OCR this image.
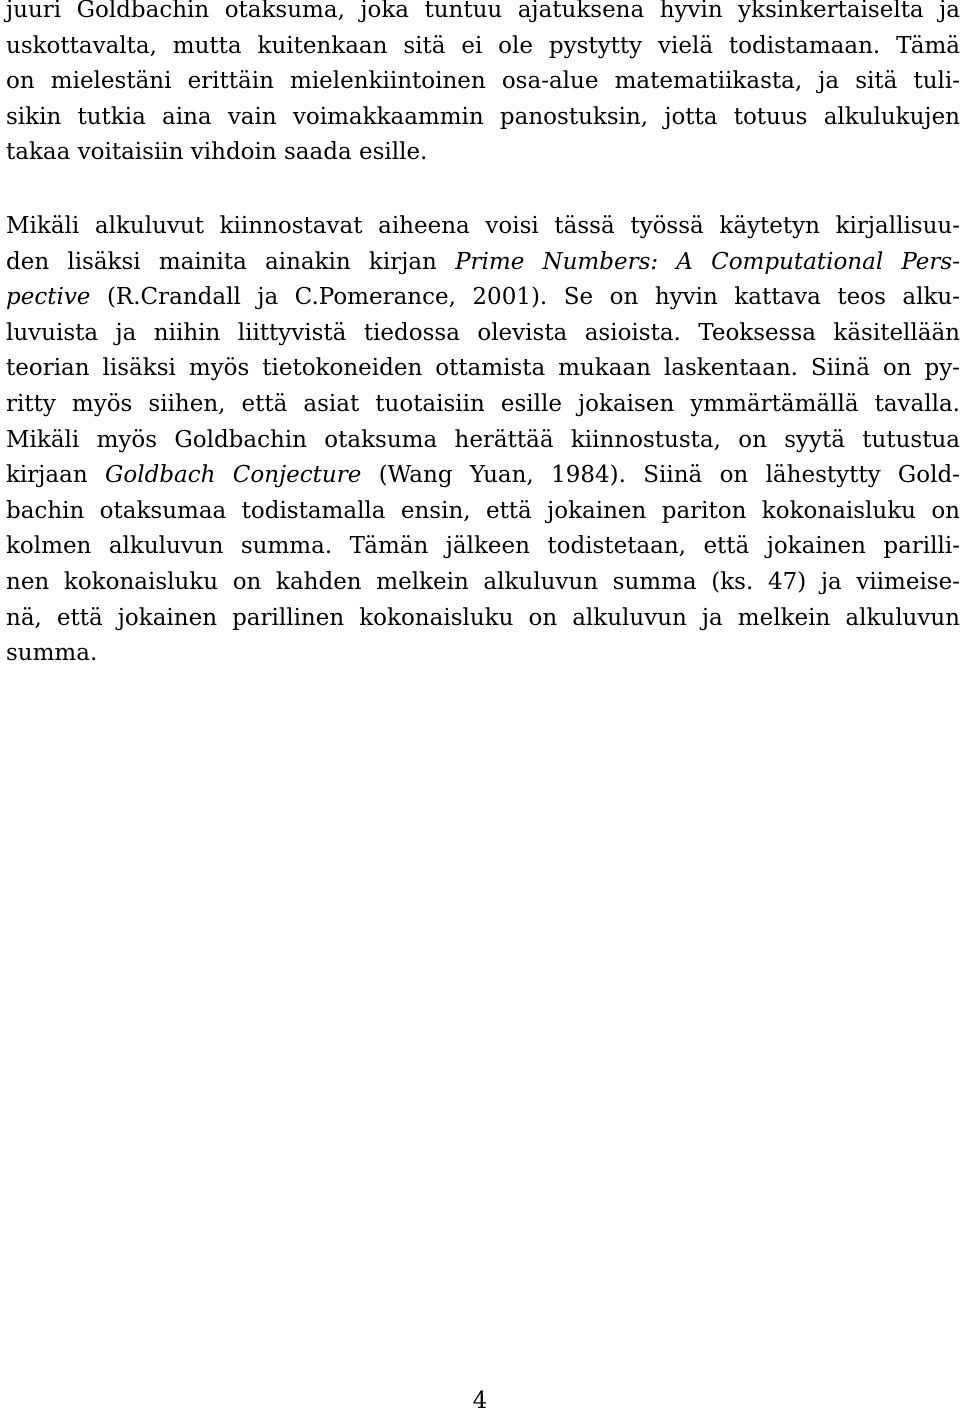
juuri Goldbachin otaksuma, joka tuntuu ajatuksena hyvin yksinkertaiselta ja
uskottavalta, mutta kuitenkaan sitä ei ole pystytty vielä todistamaan. Tämä
on mielestäni erittäin mielenkiintoinen osa-alue matematiikasta, ja sitä tuli-
sikin tutkia aina vain voimakkaammin panostuksin, jotta totuus alkulukujen
takaa voitaisiin vihdoin saada esille.
Mikäli alkuluvut kiinnostavat aiheena voisi tässä työssä käytetyn kirjallisuu-
den lisäksi mainita ainakin kirjan Prime Numbers: A Computational Pers-
pective (R.Crandall ja C.Pomerance, 2001). Se on hyvin kattava teos alku-
luvuista ja niihin liittyvistä tiedossa olevista asioista. Teoksessa käsitellään
teorian lisäksi myös tietokoneiden ottamista mukaan laskentaan. Siinä on py-
ritty myös siihen, että asiat tuotaisiin esille jokaisen ymmärtämällä tavalla.
Mikäli myös Goldbachin otaksuma herättää kiinnostusta, on syytä tutustua
kirjaan Goldbach Conjecture (Wang Yuan, 1984). Siinä on lähestytty Gold-
bachin otaksumaa todistamalla ensin, että jokainen pariton kokonaisluku on
kolmen alkuluvun summa. Tämän jälkeen todistetaan, että jokainen parilli-
nen kokonaisluku on kahden melkein alkuluvun summa (ks. 47) ja viimeise-
nä, että jokainen parillinen kokonaisluku on alkuluvun ja melkein alkuluvun
summa.
4
